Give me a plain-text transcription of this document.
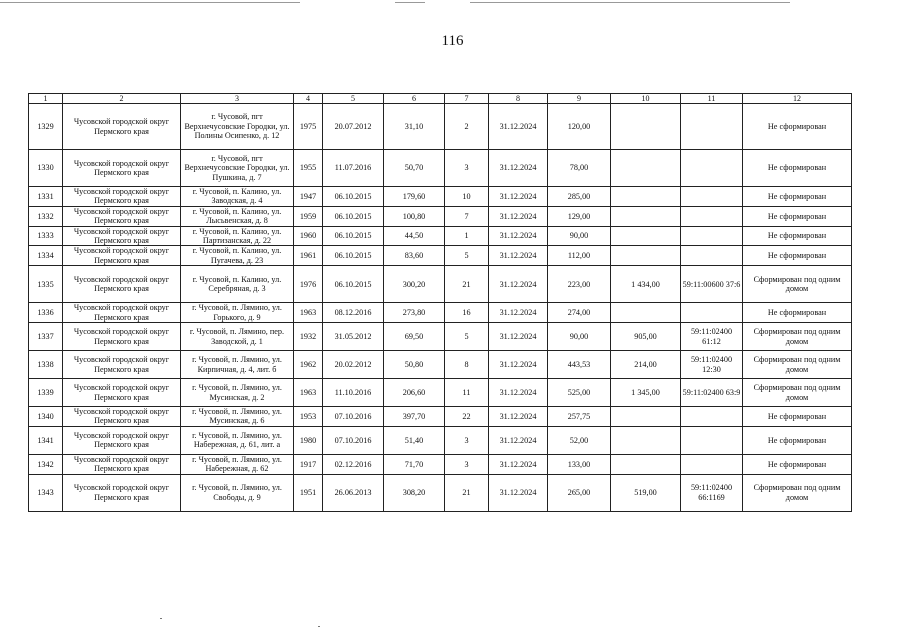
116
1	2	3	4	5	6	7	8	9	10	11	12
1329	Чусовской городской округ Пермского края	г. Чусовой, пгт Верхнечусовские Городки, ул. Полины Осипенко, д. 12	1975	20.07.2012	31,10	2	31.12.2024	120,00			Не сформирован
1330	Чусовской городской округ Пермского края	г. Чусовой, пгт Верхнечусовские Городки, ул. Пушкина, д. 7	1955	11.07.2016	50,70	3	31.12.2024	78,00			Не сформирован
1331	Чусовской городской округ Пермского края	г. Чусовой, п. Калино, ул. Заводская, д. 4	1947	06.10.2015	179,60	10	31.12.2024	285,00			Не сформирован
1332	Чусовской городской округ Пермского края	г. Чусовой, п. Калино, ул. Лысьвенская, д. 8	1959	06.10.2015	100,80	7	31.12.2024	129,00			Не сформирован
1333	Чусовской городской округ Пермского края	г. Чусовой, п. Калино, ул. Партизанская, д. 22	1960	06.10.2015	44,50	1	31.12.2024	90,00			Не сформирован
1334	Чусовской городской округ Пермского края	г. Чусовой, п. Калино, ул. Пугачева, д. 23	1961	06.10.2015	83,60	5	31.12.2024	112,00			Не сформирован
1335	Чусовской городской округ Пермского края	г. Чусовой, п. Калино, ул. Серебряная, д. 3	1976	06.10.2015	300,20	21	31.12.2024	223,00	1 434,00	59:11:00600 37:6	Сформирован под одним домом
1336	Чусовской городской округ Пермского края	г. Чусовой, п. Лямино, ул. Горького, д. 9	1963	08.12.2016	273,80	16	31.12.2024	274,00			Не сформирован
1337	Чусовской городской округ Пермского края	г. Чусовой, п. Лямино, пер. Заводской, д. 1	1932	31.05.2012	69,50	5	31.12.2024	90,00	905,00	59:11:02400 61:12	Сформирован под одним домом
1338	Чусовской городской округ Пермского края	г. Чусовой, п. Лямино, ул. Кирпичная, д. 4, лит. б	1962	20.02.2012	50,80	8	31.12.2024	443,53	214,00	59:11:02400 12:30	Сформирован под одним домом
1339	Чусовской городской округ Пермского края	г. Чусовой, п. Лямино, ул. Мусинская, д. 2	1963	11.10.2016	206,60	11	31.12.2024	525,00	1 345,00	59:11:02400 63:9	Сформирован под одним домом
1340	Чусовской городской округ Пермского края	г. Чусовой, п. Лямино, ул. Мусинская, д. 6	1953	07.10.2016	397,70	22	31.12.2024	257,75			Не сформирован
1341	Чусовской городской округ Пермского края	г. Чусовой, п. Лямино, ул. Набережная, д. 61, лит. а	1980	07.10.2016	51,40	3	31.12.2024	52,00			Не сформирован
1342	Чусовской городской округ Пермского края	г. Чусовой, п. Лямино, ул. Набережная, д. 62	1917	02.12.2016	71,70	3	31.12.2024	133,00			Не сформирован
1343	Чусовской городской округ Пермского края	г. Чусовой, п. Лямино, ул. Свободы, д. 9	1951	26.06.2013	308,20	21	31.12.2024	265,00	519,00	59:11:02400 66:1169	Сформирован под одним домом
